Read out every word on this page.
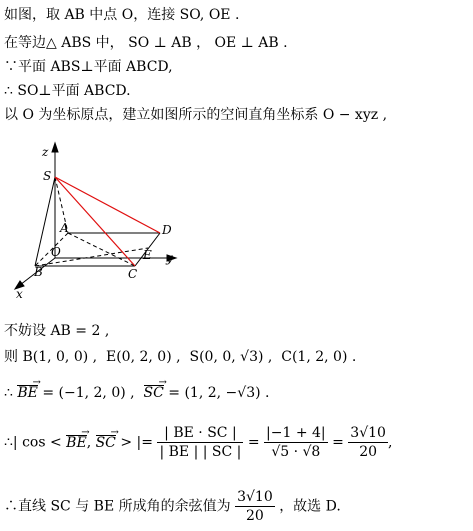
如图，取 AB 中点 O，连接 SO, OE .
在等边△ ABS 中， SO ⊥ AB ， OE ⊥ AB .
∵平面 ABS⊥平面 ABCD,
∴ SO⊥平面 ABCD.
以 O 为坐标原点，建立如图所示的空间直角坐标系 O − xyz ,
z
S
A	D
O	E y
B	C
x
不妨设 AB = 2 ,
则 B(1, 0, 0) , E(0, 2, 0) , S(0, 0, √3) , C(1, 2, 0) .
∴ BE → = (−1, 2, 0) , SC → = (1, 2, −√3) .
∴| cos < BE →, SC → > |= $\frac{| BE \cdot SC |}{| BE | | SC |} = \frac{|-1 + 4|}{√5 \cdot √8} = \frac{3√10}{20}$ ,
∴直线 SC 与 BE 所成角的余弦值为 $\frac{3√10}{20}$ ，故选 D.
